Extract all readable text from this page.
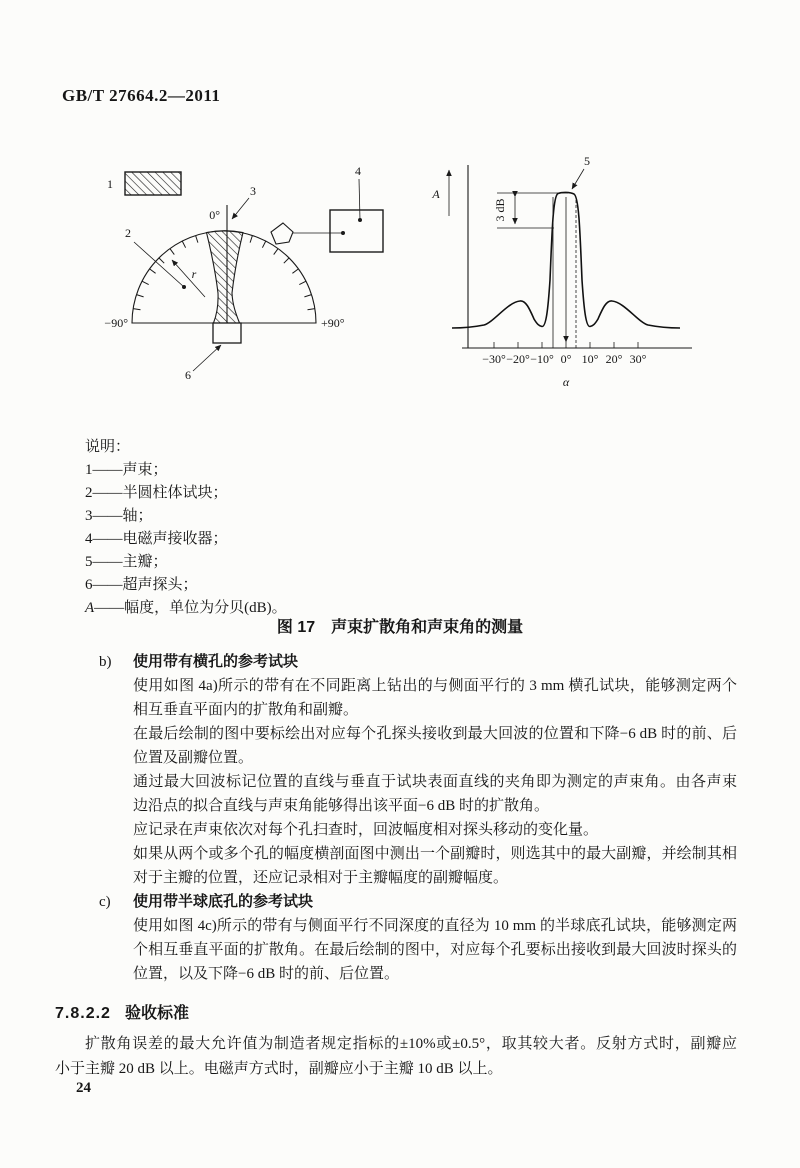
GB/T 27664.2—2011
1
0°
3
2
r
−90°	+90°
6
4
A
−30° −20° −10° 0° 10° 20° 30°
α
3 dB
5
说明：
1——声束；
2——半圆柱体试块；
3——轴；
4——电磁声接收器；
5——主瓣；
6——超声探头；
A——幅度，单位为分贝(dB)。
图 17　声束扩散角和声束角的测量
b) 使用带有横孔的参考试块
使用如图 4a)所示的带有在不同距离上钻出的与侧面平行的 3 mm 横孔试块，能够测定两个
相互垂直平面内的扩散角和副瓣。
在最后绘制的图中要标绘出对应每个孔探头接收到最大回波的位置和下降−6 dB 时的前、后
位置及副瓣位置。
通过最大回波标记位置的直线与垂直于试块表面直线的夹角即为测定的声束角。由各声束
边沿点的拟合直线与声束角能够得出该平面−6 dB 时的扩散角。
应记录在声束依次对每个孔扫查时，回波幅度相对探头移动的变化量。
如果从两个或多个孔的幅度横剖面图中测出一个副瓣时，则选其中的最大副瓣，并绘制其相
对于主瓣的位置，还应记录相对于主瓣幅度的副瓣幅度。
c) 使用带半球底孔的参考试块
使用如图 4c)所示的带有与侧面平行不同深度的直径为 10 mm 的半球底孔试块，能够测定两
个相互垂直平面的扩散角。在最后绘制的图中，对应每个孔要标出接收到最大回波时探头的
位置，以及下降−6 dB 时的前、后位置。
7.8.2.2 验收标准
扩散角误差的最大允许值为制造者规定指标的±10%或±0.5°，取其较大者。反射方式时，副瓣应
小于主瓣 20 dB 以上。电磁声方式时，副瓣应小于主瓣 10 dB 以上。
24
